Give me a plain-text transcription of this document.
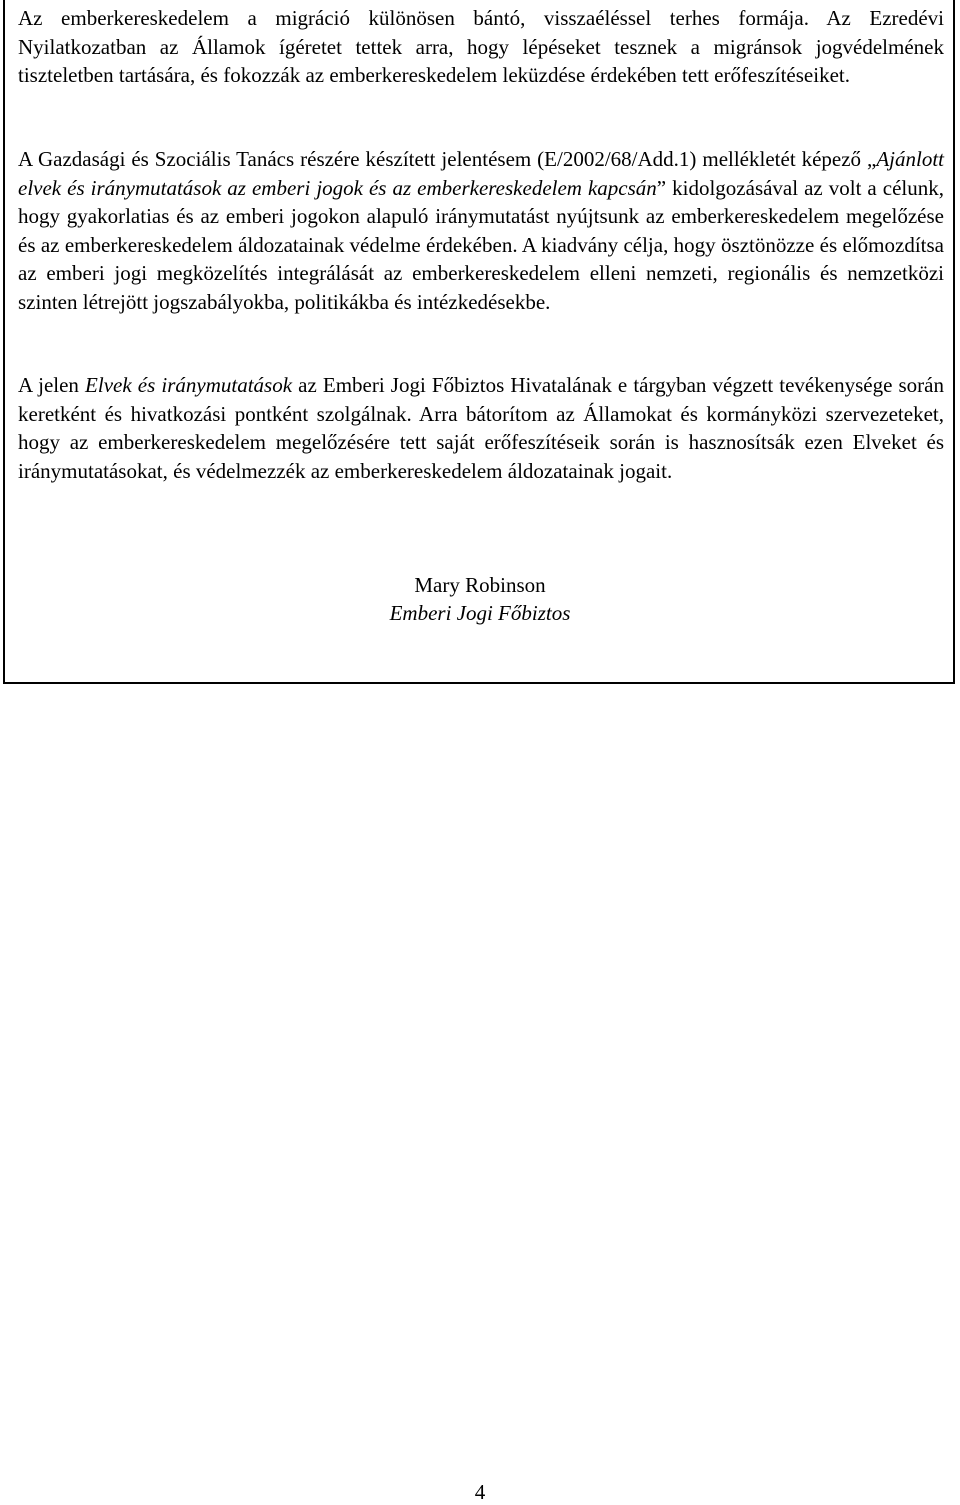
Az emberkereskedelem a migráció különösen bántó, visszaéléssel terhes formája. Az Ezredévi Nyilatkozatban az Államok ígéretet tettek arra, hogy lépéseket tesznek a migránsok jogvédelmének tiszteletben tartására, és fokozzák az emberkereskedelem leküzdése érdekében tett erőfeszítéseiket.

A Gazdasági és Szociális Tanács részére készített jelentésem (E/2002/68/Add.1) mellékletét képező „Ajánlott elvek és iránymutatások az emberi jogok és az emberkereskedelem kapcsán” kidolgozásával az volt a célunk, hogy gyakorlatias és az emberi jogokon alapuló iránymutatást nyújtsunk az emberkereskedelem megelőzése és az emberkereskedelem áldozatainak védelme érdekében. A kiadvány célja, hogy ösztönözze és előmozdítsa az emberi jogi megközelítés integrálását az emberkereskedelem elleni nemzeti, regionális és nemzetközi szinten létrejött jogszabályokba, politikákba és intézkedésekbe.

A jelen Elvek és iránymutatások az Emberi Jogi Főbiztos Hivatalának e tárgyban végzett tevékenysége során keretként és hivatkozási pontként szolgálnak. Arra bátorítom az Államokat és kormányközi szervezeteket, hogy az emberkereskedelem megelőzésére tett saját erőfeszítéseik során is hasznosítsák ezen Elveket és iránymutatásokat, és védelmezzék az emberkereskedelem áldozatainak jogait.

Mary Robinson
Emberi Jogi Főbiztos
4
